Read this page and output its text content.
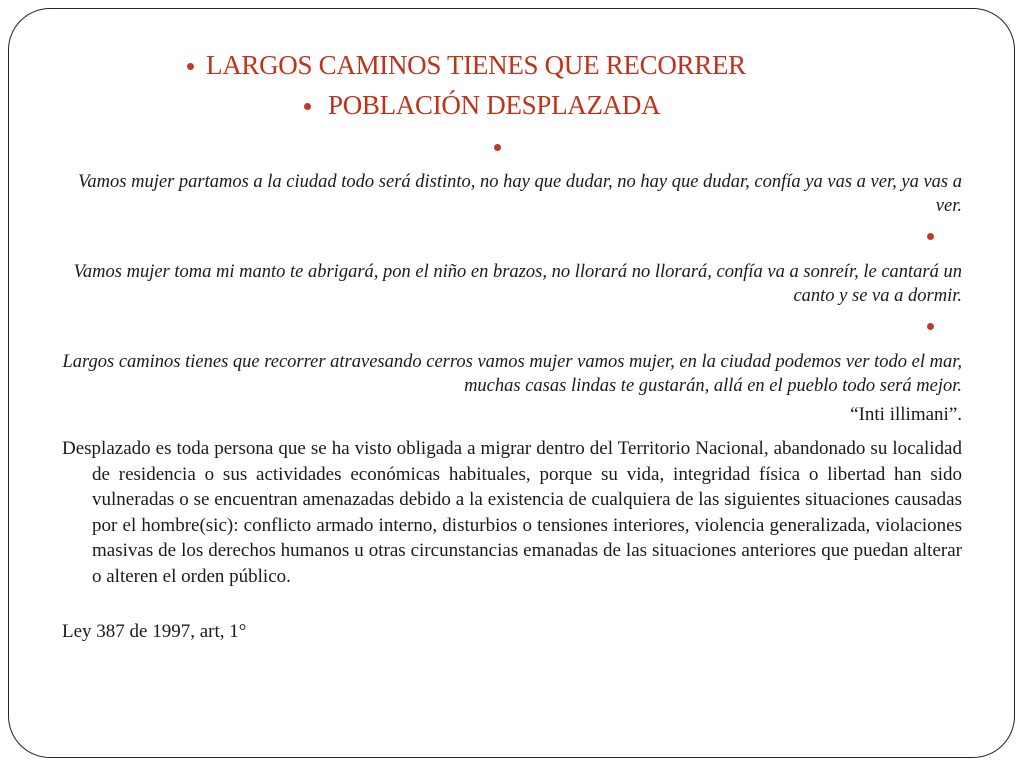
LARGOS CAMINOS TIENES QUE RECORRER
POBLACIÓN DESPLAZADA
Vamos mujer partamos a la ciudad todo será distinto, no hay que dudar, no hay que dudar, confía ya vas a ver, ya vas a ver.
Vamos mujer toma mi manto te abrigará, pon el niño en brazos, no llorará no llorará, confía va a sonreír, le cantará un canto y se va a dormir.
Largos caminos tienes que recorrer atravesando cerros vamos mujer vamos mujer, en la ciudad podemos ver todo el mar, muchas casas lindas te gustarán, allá en el pueblo todo será mejor.
“Inti illimani”.
Desplazado es toda persona que se ha visto obligada a migrar dentro del Territorio Nacional, abandonado su localidad de residencia o sus actividades económicas habituales, porque su vida, integridad física o libertad han sido vulneradas o se encuentran amenazadas debido a la existencia de cualquiera de las siguientes situaciones causadas por el hombre(sic): conflicto armado interno, disturbios o tensiones interiores, violencia generalizada, violaciones masivas de los derechos humanos u otras circunstancias emanadas de las situaciones anteriores que puedan alterar o alteren el orden público.
Ley 387 de 1997, art, 1°
